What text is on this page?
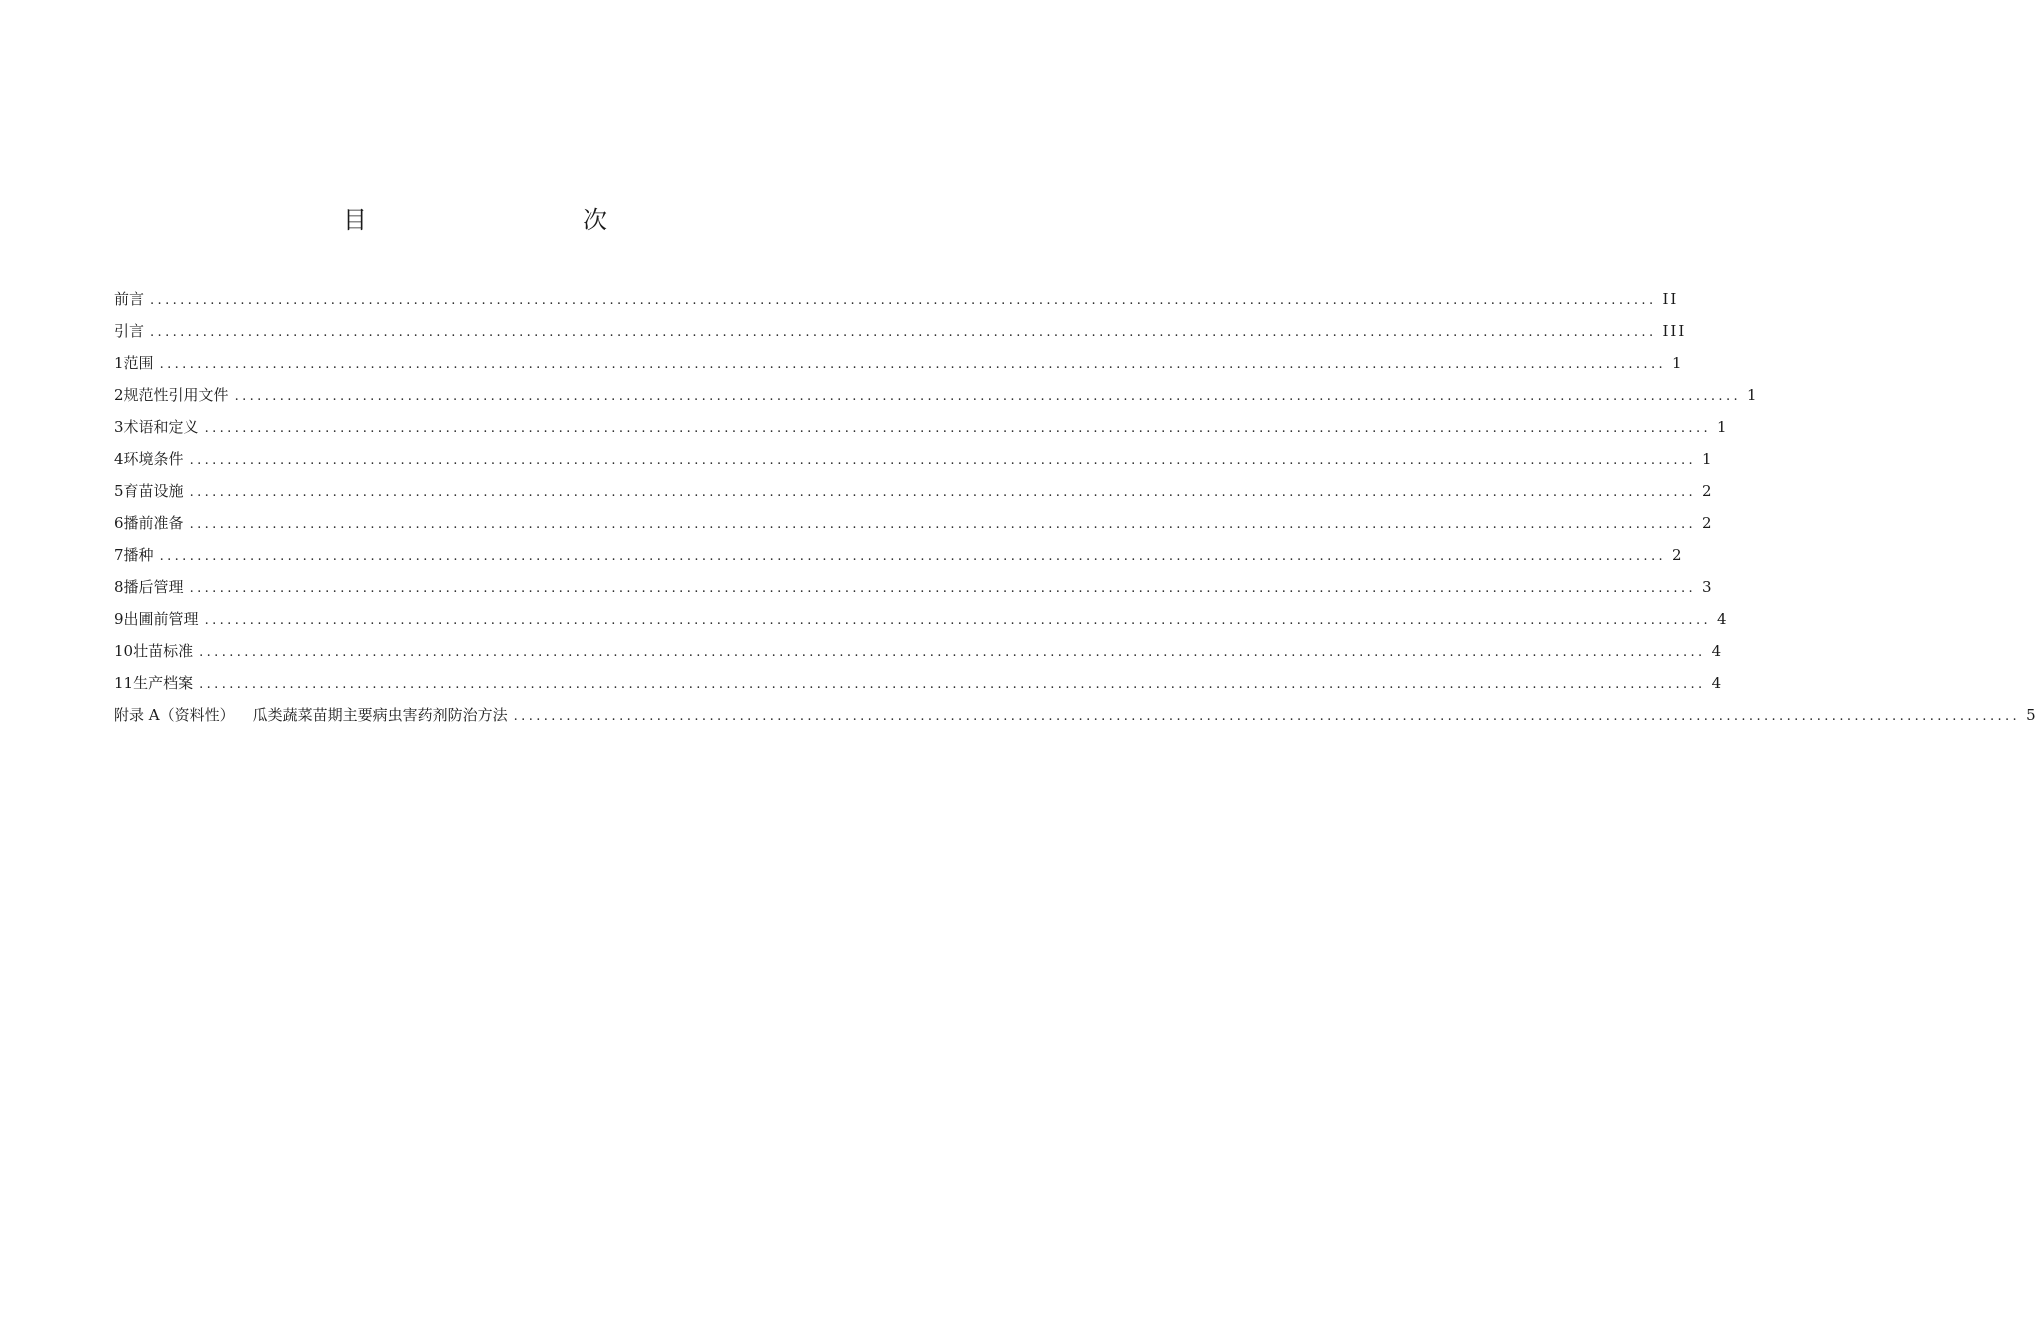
目　　次
前言 ........................................................................................................................................................................................................ II
引言 ........................................................................................................................................................................................................ III
1 范围 ........................................................................................................................................................................................................ 1
2 规范性引用文件 ........................................................................................................................................................................................................ 1
3 术语和定义 ........................................................................................................................................................................................................ 1
4 环境条件 ........................................................................................................................................................................................................ 1
5 育苗设施 ........................................................................................................................................................................................................ 2
6 播前准备 ........................................................................................................................................................................................................ 2
7 播种 ........................................................................................................................................................................................................ 2
8 播后管理 ........................................................................................................................................................................................................ 3
9 出圃前管理 ........................................................................................................................................................................................................ 4
10 壮苗标准 ........................................................................................................................................................................................................ 4
11 生产档案 ........................................................................................................................................................................................................ 4
附录 A（资料性） 瓜类蔬菜苗期主要病虫害药剂防治方法 ........................................................................................................................................................................................................ 5
